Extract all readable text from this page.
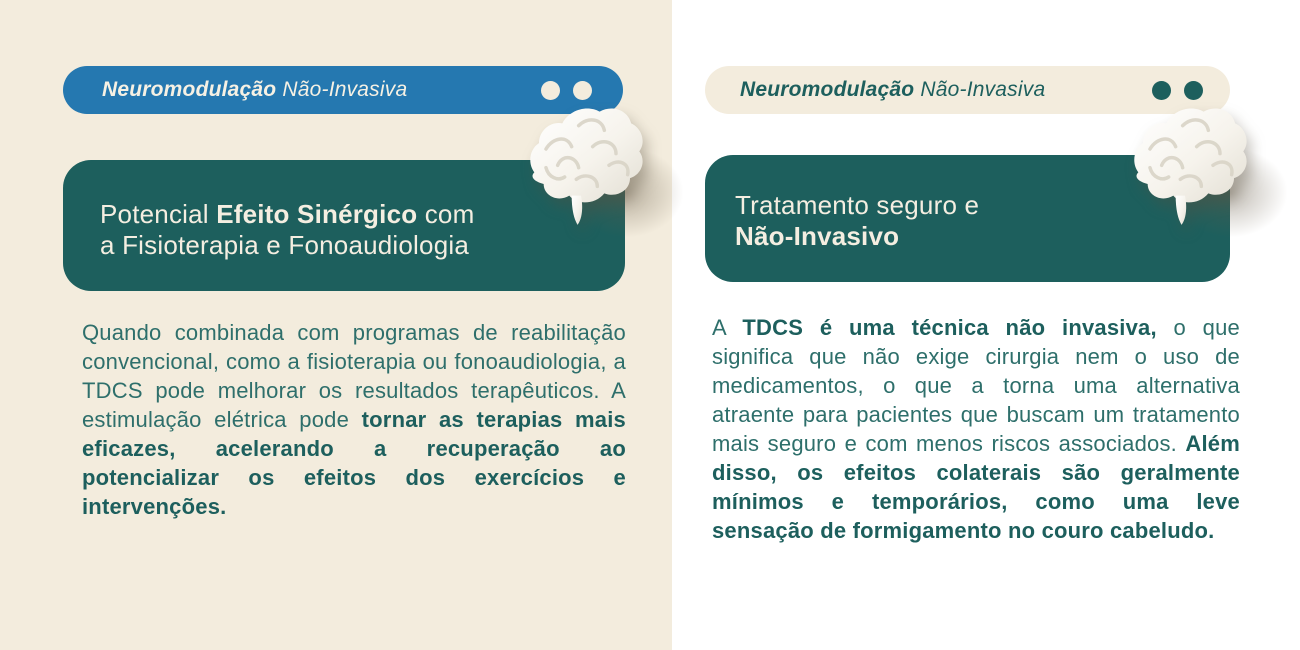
Neuromodulação Não-Invasiva
Potencial Efeito Sinérgico com
a Fisioterapia e Fonoaudiologia

Quando combinada com programas de reabilitação convencional, como a fisioterapia ou fonoaudiologia, a TDCS pode melhorar os resultados terapêuticos. A estimulação elétrica pode tornar as terapias mais eficazes, acelerando a recuperação ao potencializar os efeitos dos exercícios e intervenções.

Neuromodulação Não-Invasiva
Tratamento seguro e
Não-Invasivo

A TDCS é uma técnica não invasiva, o que significa que não exige cirurgia nem o uso de medicamentos, o que a torna uma alternativa atraente para pacientes que buscam um tratamento mais seguro e com menos riscos associados. Além disso, os efeitos colaterais são geralmente mínimos e temporários, como uma leve sensação de formigamento no couro cabeludo.
